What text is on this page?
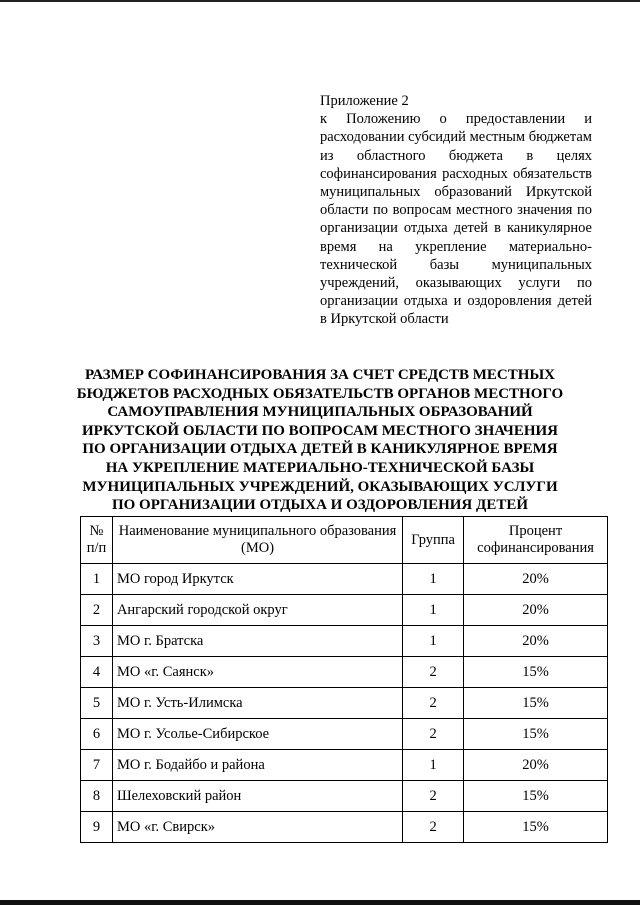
Приложение 2

к Положению о предоставлении и расходовании субсидий местным бюджетам из областного бюджета в целях софинансирования расходных обязательств муниципальных образований Иркутской области по вопросам местного значения по организации отдыха детей в каникулярное время на укрепление материально-технической базы муниципальных учреждений, оказывающих услуги по организации отдыха и оздоровления детей в Иркутской области

РАЗМЕР СОФИНАНСИРОВАНИЯ ЗА СЧЕТ СРЕДСТВ МЕСТНЫХ
БЮДЖЕТОВ РАСХОДНЫХ ОБЯЗАТЕЛЬСТВ ОРГАНОВ МЕСТНОГО
САМОУПРАВЛЕНИЯ МУНИЦИПАЛЬНЫХ ОБРАЗОВАНИЙ
ИРКУТСКОЙ ОБЛАСТИ ПО ВОПРОСАМ МЕСТНОГО ЗНАЧЕНИЯ
ПО ОРГАНИЗАЦИИ ОТДЫХА ДЕТЕЙ В КАНИКУЛЯРНОЕ ВРЕМЯ
НА УКРЕПЛЕНИЕ МАТЕРИАЛЬНО-ТЕХНИЧЕСКОЙ БАЗЫ
МУНИЦИПАЛЬНЫХ УЧРЕЖДЕНИЙ, ОКАЗЫВАЮЩИХ УСЛУГИ
ПО ОРГАНИЗАЦИИ ОТДЫХА И ОЗДОРОВЛЕНИЯ ДЕТЕЙ
№ п/п	Наименование муниципального образования (МО)	Группа	Процент софинансирования
1	МО город Иркутск	1	20%
2	Ангарский городской округ	1	20%
3	МО г. Братска	1	20%
4	МО «г. Саянск»	2	15%
5	МО г. Усть-Илимска	2	15%
6	МО г. Усолье-Сибирское	2	15%
7	МО г. Бодайбо и района	1	20%
8	Шелеховский район	2	15%
9	МО «г. Свирск»	2	15%
